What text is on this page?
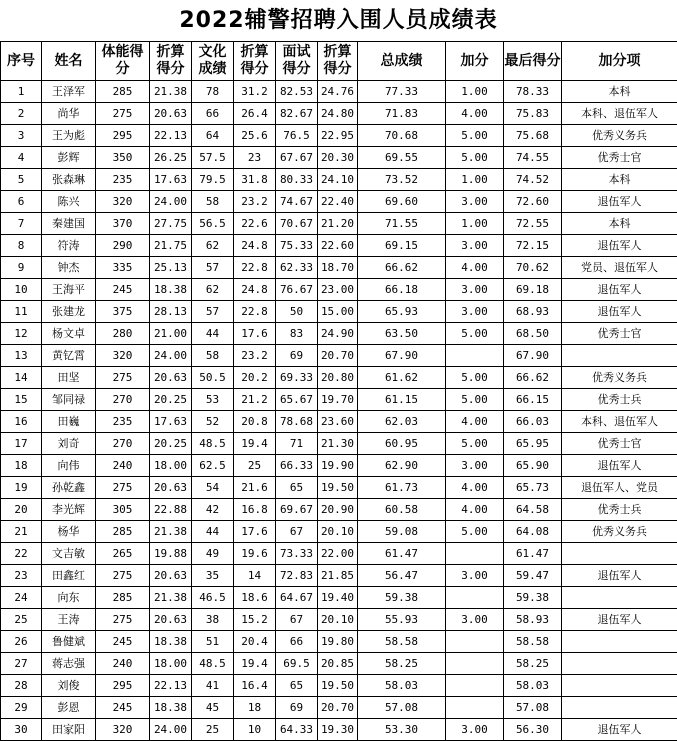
2022辅警招聘入围人员成绩表
序号	姓名	体能得分	折算得分	文化成绩	折算得分	面试得分	折算得分	总成绩	加分	最后得分	加分项
1	王泽军	285	21.38	78	31.2	82.53	24.76	77.33	1.00	78.33	本科
2	尚华	275	20.63	66	26.4	82.67	24.80	71.83	4.00	75.83	本科、退伍军人
3	王为彪	295	22.13	64	25.6	76.5	22.95	70.68	5.00	75.68	优秀义务兵
4	彭辉	350	26.25	57.5	23	67.67	20.30	69.55	5.00	74.55	优秀士官
5	张森琳	235	17.63	79.5	31.8	80.33	24.10	73.52	1.00	74.52	本科
6	陈兴	320	24.00	58	23.2	74.67	22.40	69.60	3.00	72.60	退伍军人
7	秦建国	370	27.75	56.5	22.6	70.67	21.20	71.55	1.00	72.55	本科
8	符涛	290	21.75	62	24.8	75.33	22.60	69.15	3.00	72.15	退伍军人
9	钟杰	335	25.13	57	22.8	62.33	18.70	66.62	4.00	70.62	党员、退伍军人
10	王海平	245	18.38	62	24.8	76.67	23.00	66.18	3.00	69.18	退伍军人
11	张建龙	375	28.13	57	22.8	50	15.00	65.93	3.00	68.93	退伍军人
12	杨文卓	280	21.00	44	17.6	83	24.90	63.50	5.00	68.50	优秀士官
13	黄钇霄	320	24.00	58	23.2	69	20.70	67.90		67.90	
14	田坚	275	20.63	50.5	20.2	69.33	20.80	61.62	5.00	66.62	优秀义务兵
15	邹同禄	270	20.25	53	21.2	65.67	19.70	61.15	5.00	66.15	优秀士兵
16	田巍	235	17.63	52	20.8	78.68	23.60	62.03	4.00	66.03	本科、退伍军人
17	刘奇	270	20.25	48.5	19.4	71	21.30	60.95	5.00	65.95	优秀士官
18	向伟	240	18.00	62.5	25	66.33	19.90	62.90	3.00	65.90	退伍军人
19	孙乾鑫	275	20.63	54	21.6	65	19.50	61.73	4.00	65.73	退伍军人、党员
20	李光辉	305	22.88	42	16.8	69.67	20.90	60.58	4.00	64.58	优秀士兵
21	杨华	285	21.38	44	17.6	67	20.10	59.08	5.00	64.08	优秀义务兵
22	文吉敏	265	19.88	49	19.6	73.33	22.00	61.47		61.47	
23	田鑫红	275	20.63	35	14	72.83	21.85	56.47	3.00	59.47	退伍军人
24	向东	285	21.38	46.5	18.6	64.67	19.40	59.38		59.38	
25	王涛	275	20.63	38	15.2	67	20.10	55.93	3.00	58.93	退伍军人
26	鲁健斌	245	18.38	51	20.4	66	19.80	58.58		58.58	
27	蒋志强	240	18.00	48.5	19.4	69.5	20.85	58.25		58.25	
28	刘俊	295	22.13	41	16.4	65	19.50	58.03		58.03	
29	彭恩	245	18.38	45	18	69	20.70	57.08		57.08	
30	田家阳	320	24.00	25	10	64.33	19.30	53.30	3.00	56.30	退伍军人
